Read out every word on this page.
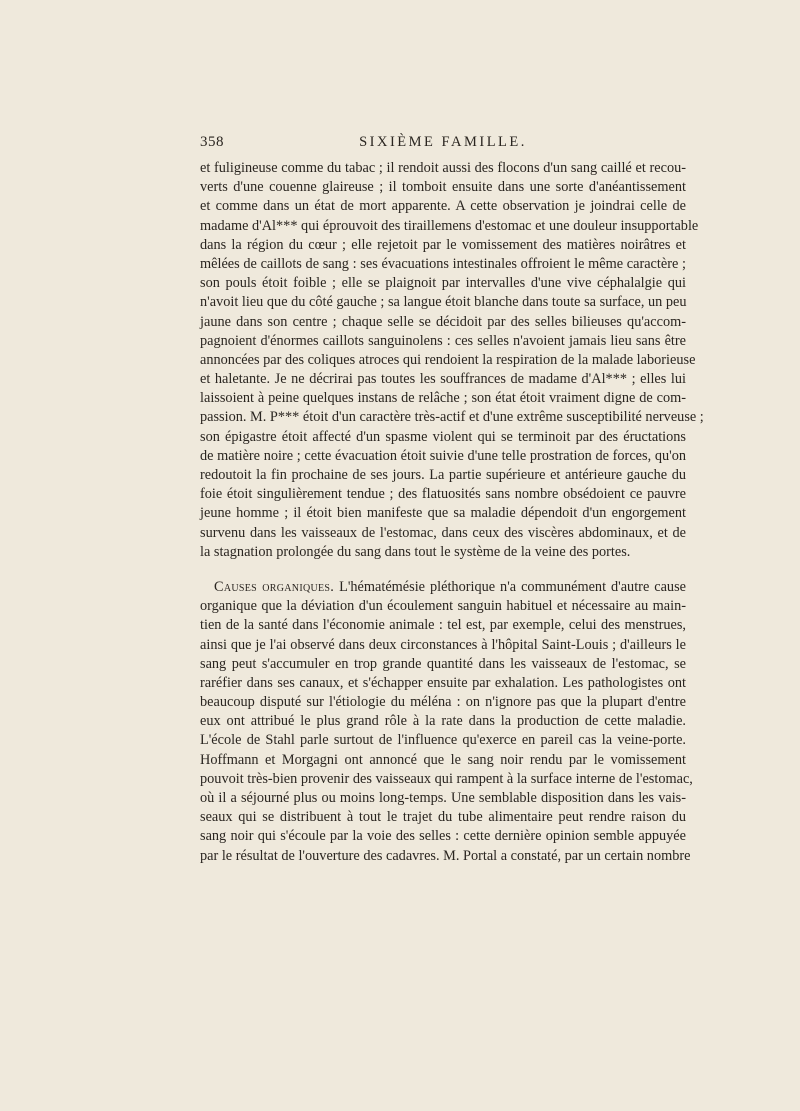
358	SIXIÈME FAMILLE.
et fuligineuse comme du tabac ; il rendoit aussi des flocons d'un sang caillé et recou-
verts d'une couenne glaireuse ; il tomboit ensuite dans une sorte d'anéantissement
et comme dans un état de mort apparente. A cette observation je joindrai celle de
madame d'Al*** qui éprouvoit des tiraillemens d'estomac et une douleur insupportable
dans la région du cœur ; elle rejetoit par le vomissement des matières noirâtres et
mêlées de caillots de sang : ses évacuations intestinales offroient le même caractère ;
son pouls étoit foible ; elle se plaignoit par intervalles d'une vive céphalalgie qui
n'avoit lieu que du côté gauche ; sa langue étoit blanche dans toute sa surface, un peu
jaune dans son centre ; chaque selle se décidoit par des selles bilieuses qu'accom-
pagnoient d'énormes caillots sanguinolens : ces selles n'avoient jamais lieu sans être
annoncées par des coliques atroces qui rendoient la respiration de la malade laborieuse
et haletante. Je ne décrirai pas toutes les souffrances de madame d'Al*** ; elles lui
laissoient à peine quelques instans de relâche ; son état étoit vraiment digne de com-
passion. M. P*** étoit d'un caractère très-actif et d'une extrême susceptibilité nerveuse ;
son épigastre étoit affecté d'un spasme violent qui se terminoit par des éructations
de matière noire ; cette évacuation étoit suivie d'une telle prostration de forces, qu'on
redoutoit la fin prochaine de ses jours. La partie supérieure et antérieure gauche du
foie étoit singulièrement tendue ; des flatuosités sans nombre obsédoient ce pauvre
jeune homme ; il étoit bien manifeste que sa maladie dépendoit d'un engorgement
survenu dans les vaisseaux de l'estomac, dans ceux des viscères abdominaux, et de
la stagnation prolongée du sang dans tout le système de la veine des portes.
Causes organiques. L'hématémésie pléthorique n'a communément d'autre cause
organique que la déviation d'un écoulement sanguin habituel et nécessaire au main-
tien de la santé dans l'économie animale : tel est, par exemple, celui des menstrues,
ainsi que je l'ai observé dans deux circonstances à l'hôpital Saint-Louis ; d'ailleurs le
sang peut s'accumuler en trop grande quantité dans les vaisseaux de l'estomac, se
raréfier dans ses canaux, et s'échapper ensuite par exhalation. Les pathologistes ont
beaucoup disputé sur l'étiologie du méléna : on n'ignore pas que la plupart d'entre
eux ont attribué le plus grand rôle à la rate dans la production de cette maladie.
L'école de Stahl parle surtout de l'influence qu'exerce en pareil cas la veine-porte.
Hoffmann et Morgagni ont annoncé que le sang noir rendu par le vomissement
pouvoit très-bien provenir des vaisseaux qui rampent à la surface interne de l'estomac,
où il a séjourné plus ou moins long-temps. Une semblable disposition dans les vais-
seaux qui se distribuent à tout le trajet du tube alimentaire peut rendre raison du
sang noir qui s'écoule par la voie des selles : cette dernière opinion semble appuyée
par le résultat de l'ouverture des cadavres. M. Portal a constaté, par un certain nombre
